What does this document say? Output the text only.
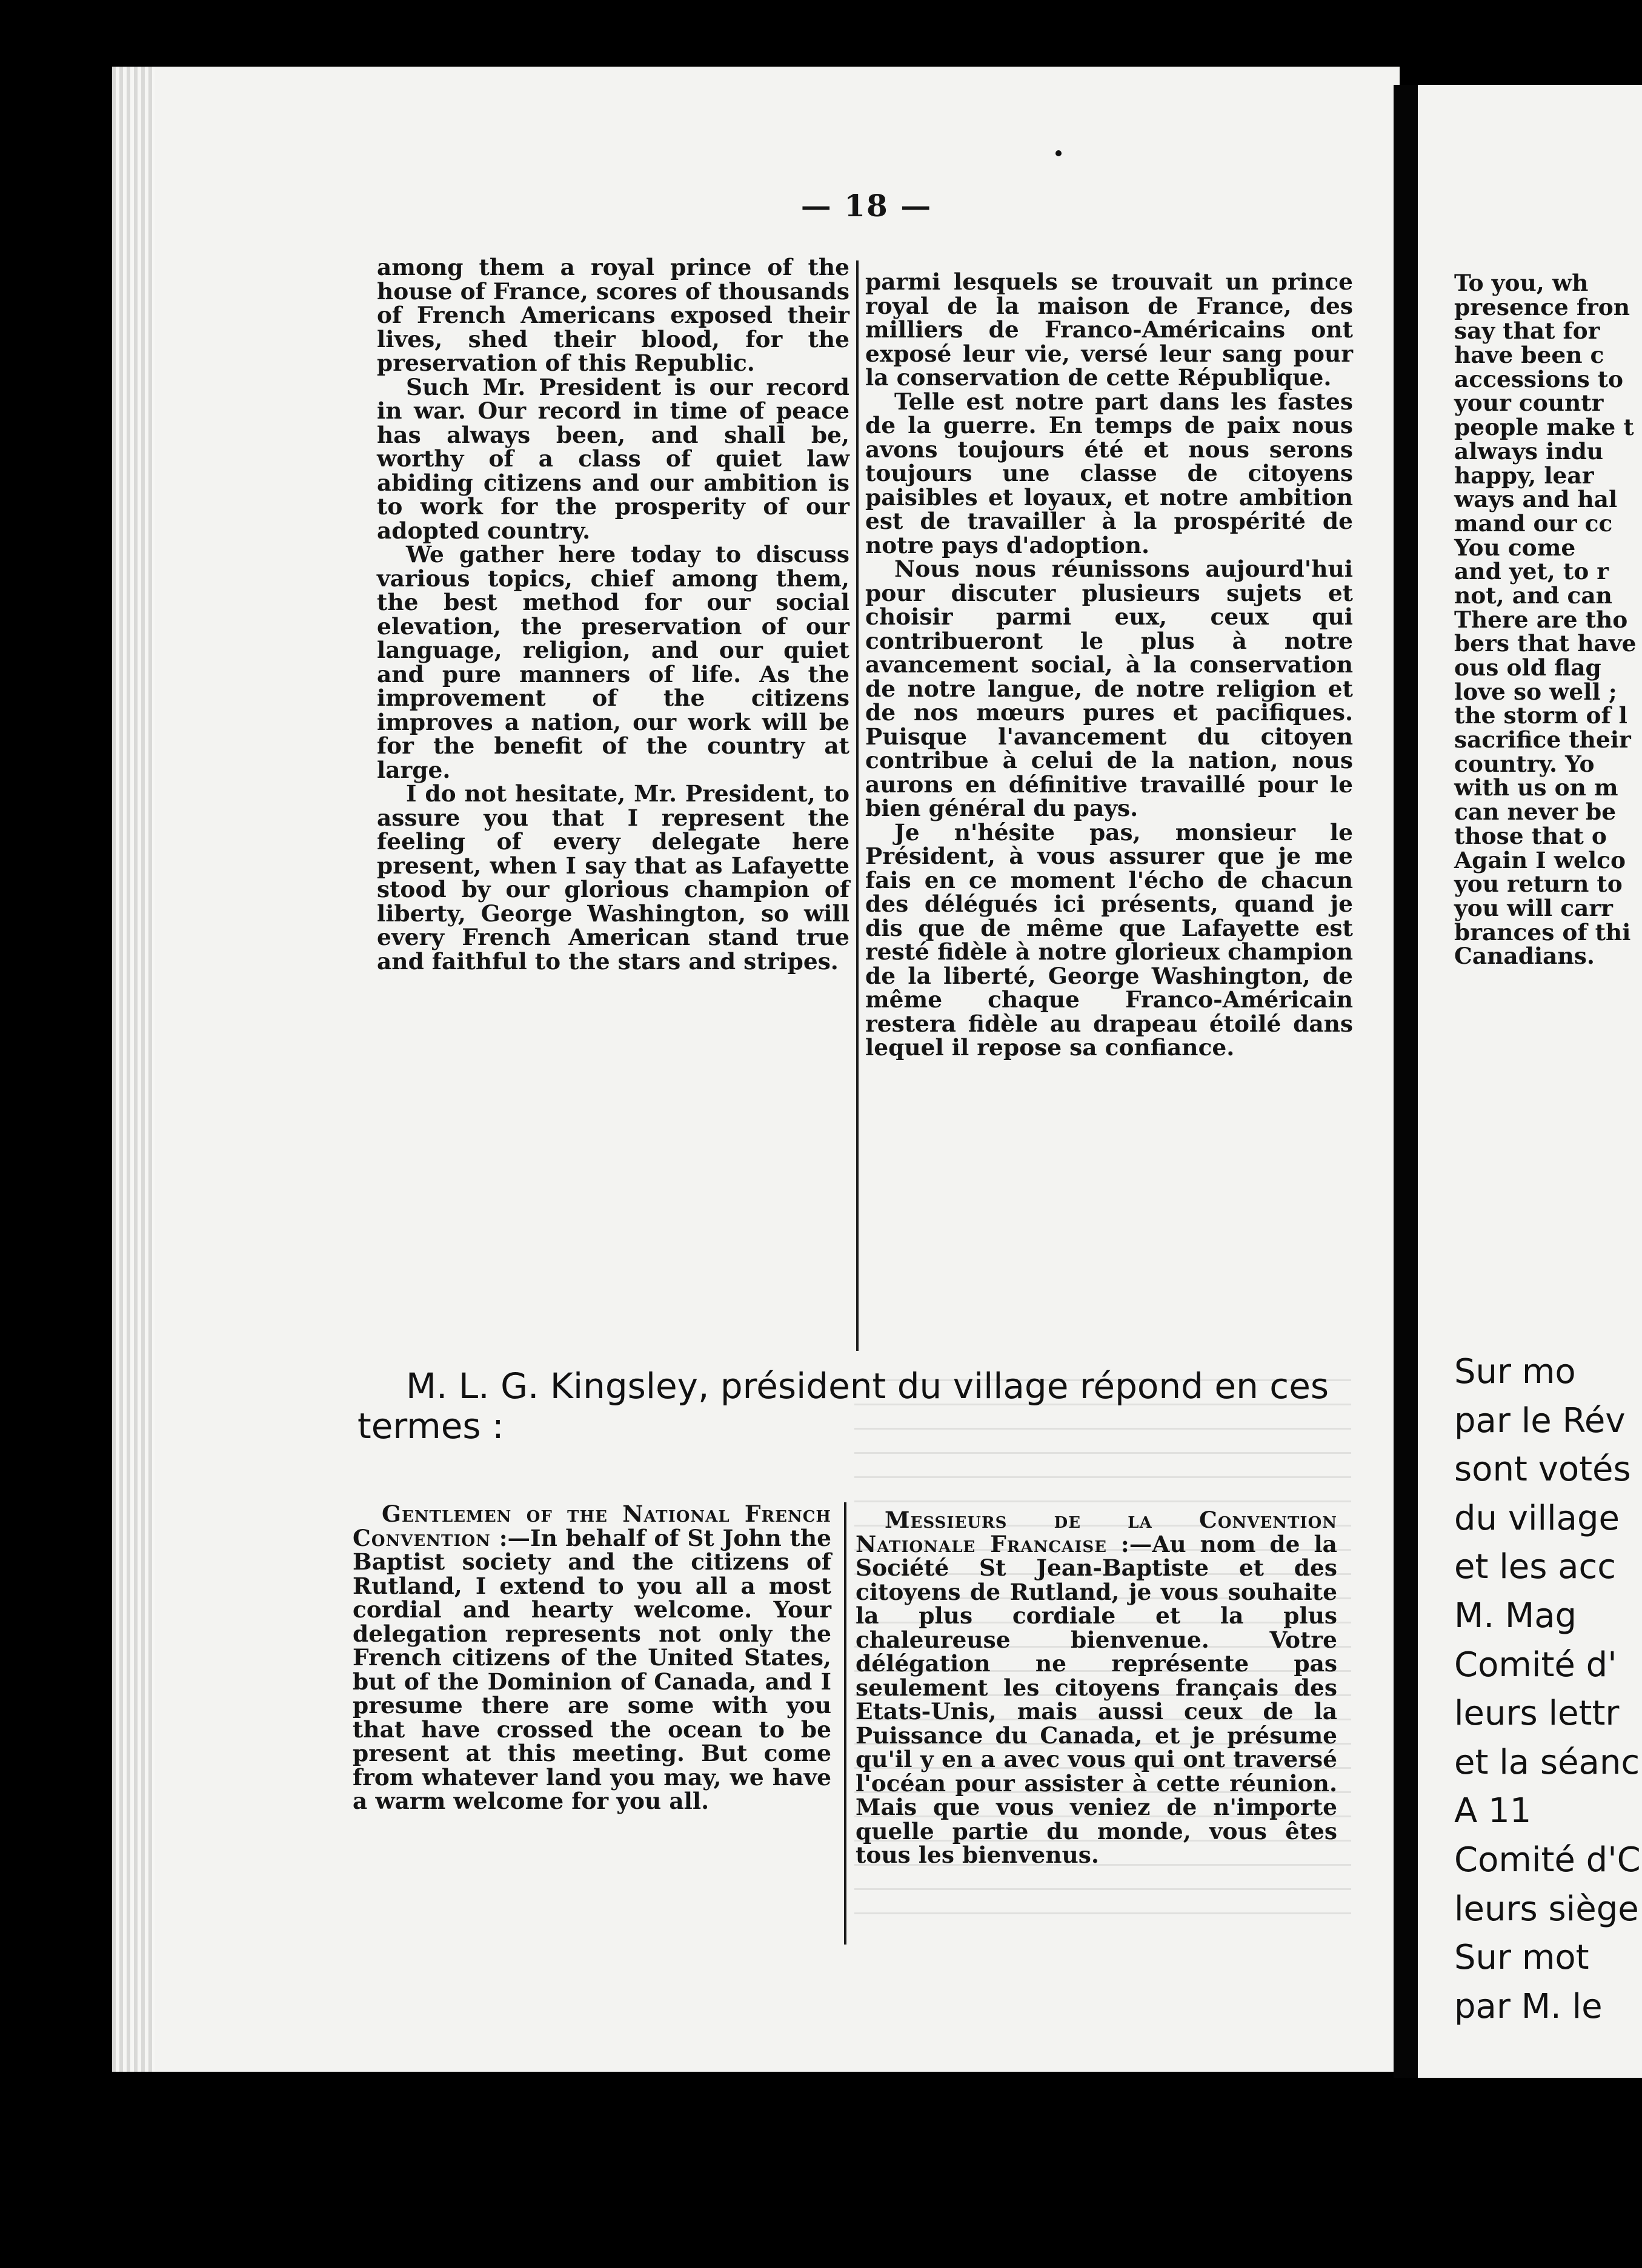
— 18 —

among them a royal prince of the house of France, scores of thousands of French Americans exposed their lives, shed their blood, for the preservation of this Republic.

Such Mr. President is our record in war. Our record in time of peace has always been, and shall be, worthy of a class of quiet law abiding citizens and our ambition is to work for the prosperity of our adopted country.

We gather here today to discuss various topics, chief among them, the best method for our social elevation, the preservation of our language, religion, and our quiet and pure manners of life. As the improvement of the citizens improves a nation, our work will be for the benefit of the country at large.

I do not hesitate, Mr. President, to assure you that I represent the feeling of every delegate here present, when I say that as Lafayette stood by our glorious champion of liberty, George Washington, so will every French American stand true and faithful to the stars and stripes.

parmi lesquels se trouvait un prince royal de la maison de France, des milliers de Franco-Américains ont exposé leur vie, versé leur sang pour la conservation de cette République.

Telle est notre part dans les fastes de la guerre. En temps de paix nous avons toujours été et nous serons toujours une classe de citoyens paisibles et loyaux, et notre ambition est de travailler à la prospérité de notre pays d'adoption.

Nous nous réunissons aujourd'hui pour discuter plusieurs sujets et choisir parmi eux, ceux qui contribueront le plus à notre avancement social, à la conservation de notre langue, de notre religion et de nos mœurs pures et pacifiques. Puisque l'avancement du citoyen contribue à celui de la nation, nous aurons en définitive travaillé pour le bien général du pays.

Je n'hésite pas, monsieur le Président, à vous assurer que je me fais en ce moment l'écho de chacun des délégués ici présents, quand je dis que de même que Lafayette est resté fidèle à notre glorieux champion de la liberté, George Washington, de même chaque Franco-Américain restera fidèle au drapeau étoilé dans lequel il repose sa confiance.

M. L. G. Kingsley, président du village répond en ces termes :

Gentlemen of the National French Convention :—In behalf of St John the Baptist society and the citizens of Rutland, I extend to you all a most cordial and hearty welcome. Your delegation represents not only the French citizens of the United States, but of the Dominion of Canada, and I presume there are some with you that have crossed the ocean to be present at this meeting. But come from whatever land you may, we have a warm welcome for you all.

Messieurs de la Convention Nationale Francaise :—Au nom de la Société St Jean-Baptiste et des citoyens de Rutland, je vous souhaite la plus cordiale et la plus chaleureuse bienvenue. Votre délégation ne représente pas seulement les citoyens français des Etats-Unis, mais aussi ceux de la Puissance du Canada, et je présume qu'il y en a avec vous qui ont traversé l'océan pour assister à cette réunion. Mais que vous veniez de n'importe quelle partie du monde, vous êtes tous les bienvenus.

To you, wh
presence fron
say that for
have been c
accessions to
your countr
people make t
always indu
happy, lear
ways and hal
mand our cc
You come
and yet, to r
not, and can
There are tho
bers that have
ous old flag
love so well ;
the storm of l
sacrifice their
country. Yo
with us on m
can never be
those that o
Again I welco
you return to
you will carr
brances of thi
Canadians.
Sur mo
par le Rév
sont votés
du village
et les acc
M. Mag
Comité d'
leurs lettr
et la séanc
A 11
Comité d'C
leurs siège
Sur mot
par M. le
